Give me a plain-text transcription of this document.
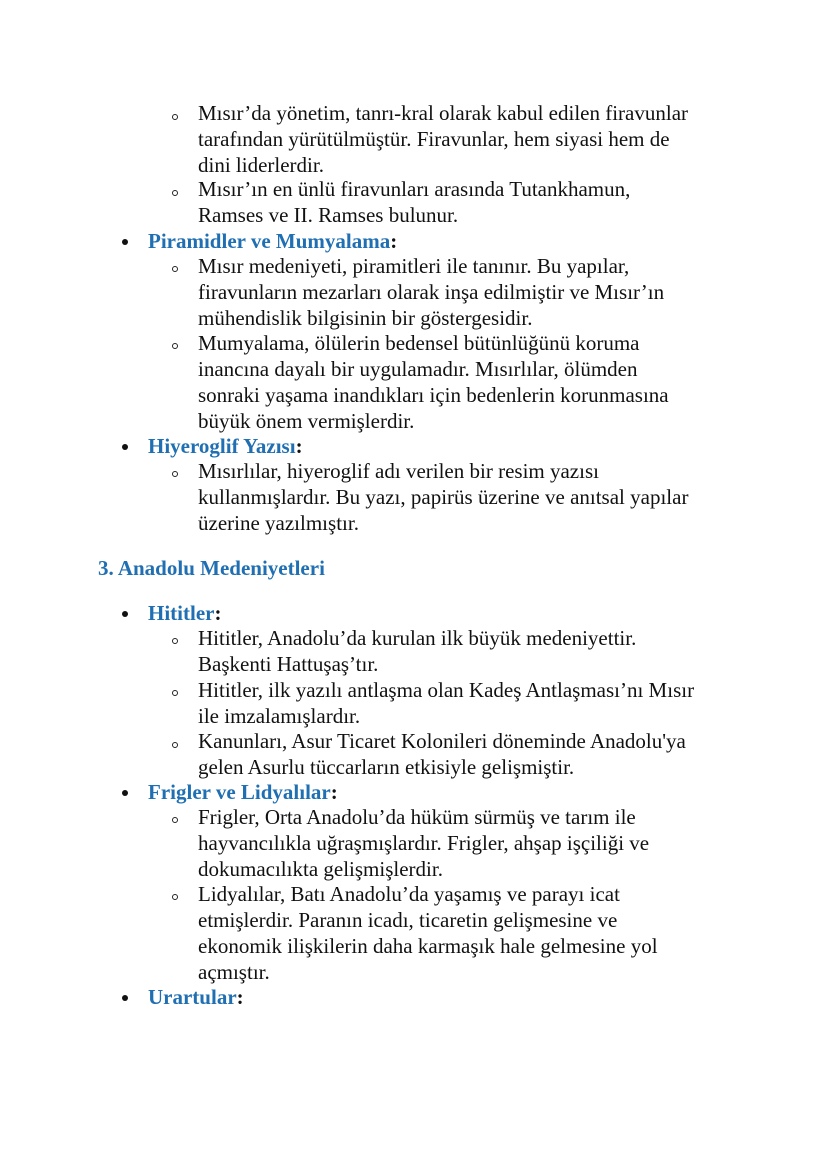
Mısır’da yönetim, tanrı-kral olarak kabul edilen firavunlar
tarafından yürütülmüştür. Firavunlar, hem siyasi hem de
dini liderlerdir.
Mısır’ın en ünlü firavunları arasında Tutankhamun,
Ramses ve II. Ramses bulunur.
Piramidler ve Mumyalama:
Mısır medeniyeti, piramitleri ile tanınır. Bu yapılar,
firavunların mezarları olarak inşa edilmiştir ve Mısır’ın
mühendislik bilgisinin bir göstergesidir.
Mumyalama, ölülerin bedensel bütünlüğünü koruma
inancına dayalı bir uygulamadır. Mısırlılar, ölümden
sonraki yaşama inandıkları için bedenlerin korunmasına
büyük önem vermişlerdir.
Hiyeroglif Yazısı:
Mısırlılar, hiyeroglif adı verilen bir resim yazısı
kullanmışlardır. Bu yazı, papirüs üzerine ve anıtsal yapılar
üzerine yazılmıştır.
3. Anadolu Medeniyetleri
Hititler:
Hititler, Anadolu’da kurulan ilk büyük medeniyettir.
Başkenti Hattuşaş’tır.
Hititler, ilk yazılı antlaşma olan Kadeş Antlaşması’nı Mısır
ile imzalamışlardır.
Kanunları, Asur Ticaret Kolonileri döneminde Anadolu'ya
gelen Asurlu tüccarların etkisiyle gelişmiştir.
Frigler ve Lidyalılar:
Frigler, Orta Anadolu’da hüküm sürmüş ve tarım ile
hayvancılıkla uğraşmışlardır. Frigler, ahşap işçiliği ve
dokumacılıkta gelişmişlerdir.
Lidyalılar, Batı Anadolu’da yaşamış ve parayı icat
etmişlerdir. Paranın icadı, ticaretin gelişmesine ve
ekonomik ilişkilerin daha karmaşık hale gelmesine yol
açmıştır.
Urartular:
